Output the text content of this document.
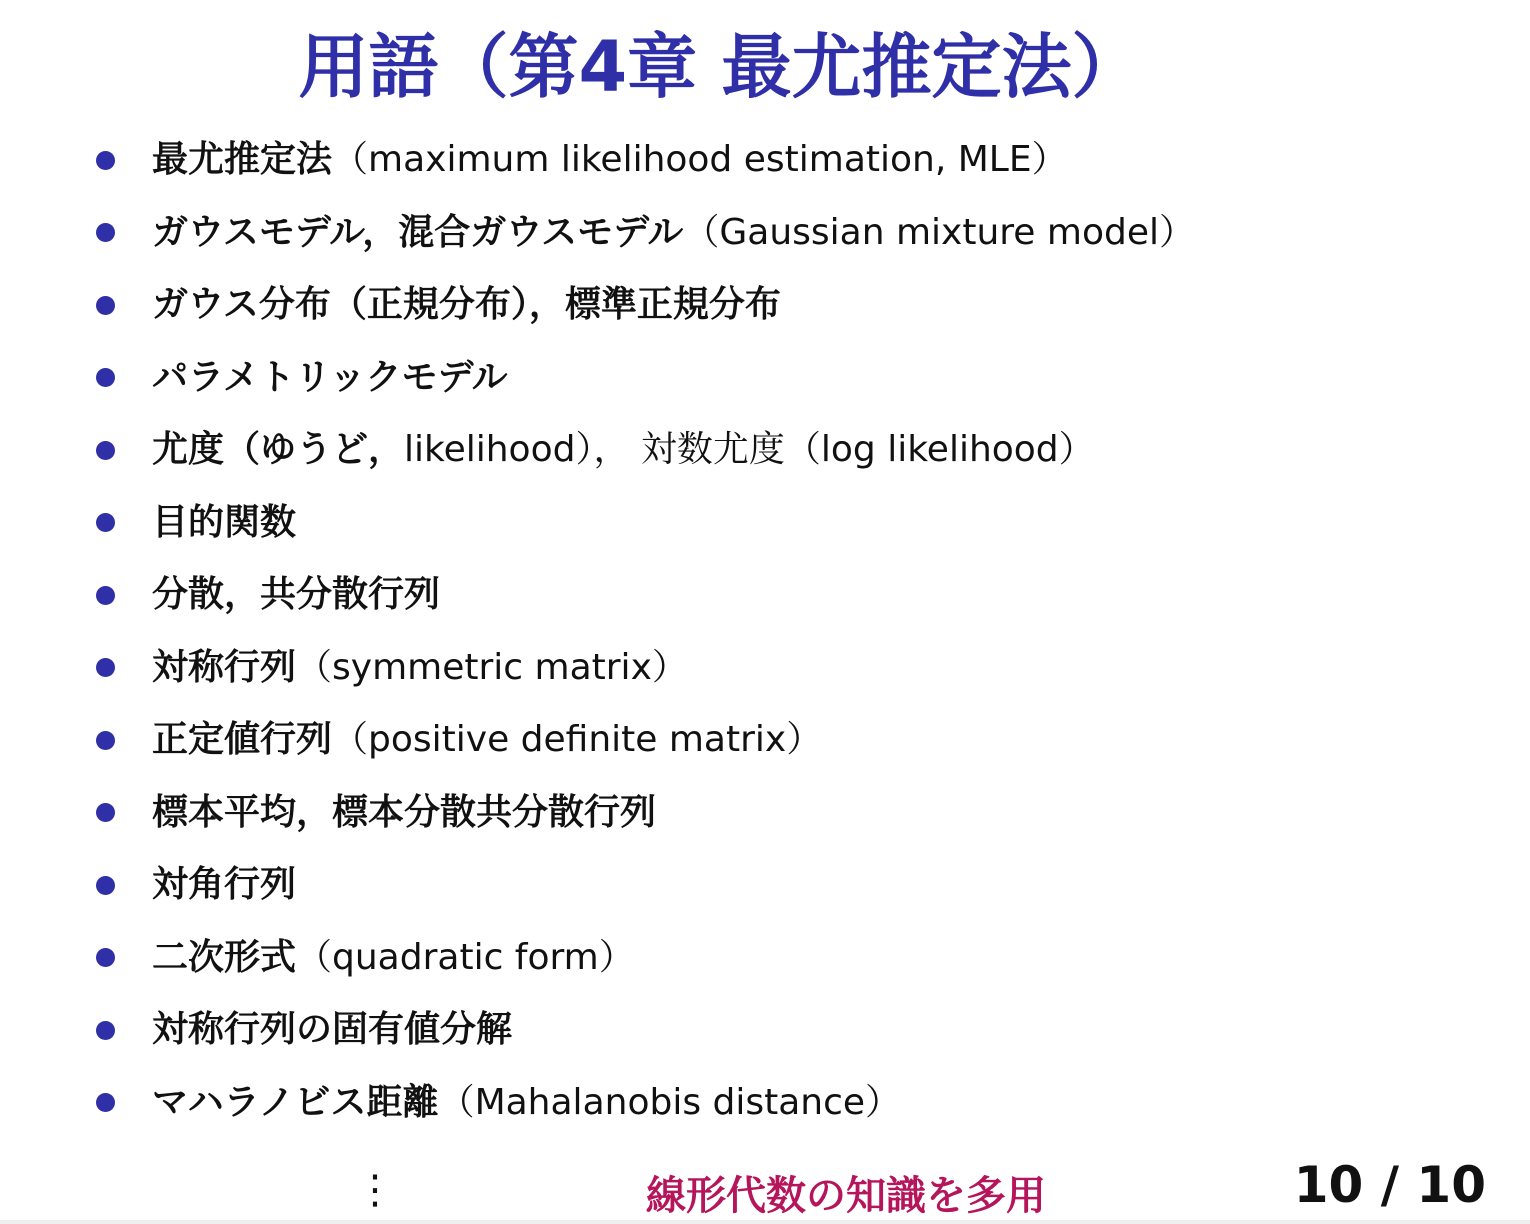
用語（第4章 最尤推定法）
最尤推定法（maximum likelihood estimation, MLE）
ガウスモデル，混合ガウスモデル（Gaussian mixture model）
ガウス分布（正規分布），標準正規分布
パラメトリックモデル
尤度（ゆうど，likelihood）， 対数尤度（log likelihood）
目的関数
分散，共分散行列
対称行列（symmetric matrix）
正定値行列（positive definite matrix）
標本平均，標本分散共分散行列
対角行列
二次形式（quadratic form）
対称行列の固有値分解
マハラノビス距離（Mahalanobis distance）
⋮	線形代数の知識を多用	10 / 10
